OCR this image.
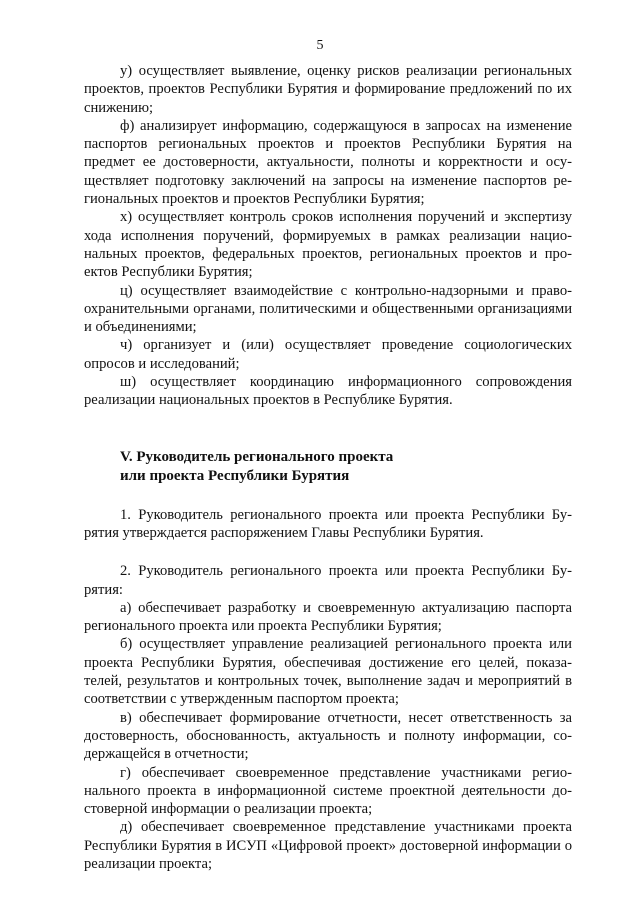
5

у) осуществляет выявление, оценку рисков реализации региональных проектов, проектов Республики Бурятия и формирование предложений по их снижению;

ф) анализирует информацию, содержащуюся в запросах на изменение паспортов региональных проектов и проектов Республики Бурятия на предмет ее достоверности, актуальности, полноты и корректности и осуществляет подготовку заключений на запросы на изменение паспортов региональных проектов и проектов Республики Бурятия;

х) осуществляет контроль сроков исполнения поручений и экспертизу хода исполнения поручений, формируемых в рамках реализации национальных проектов, федеральных проектов, региональных проектов и проектов Республики Бурятия;

ц) осуществляет взаимодействие с контрольно-надзорными и правоохранительными органами, политическими и общественными организациями и объединениями;

ч) организует и (или) осуществляет проведение социологических опросов и исследований;

ш) осуществляет координацию информационного сопровождения реализации национальных проектов в Республике Бурятия.

V. Руководитель регионального проекта

или проекта Республики Бурятия

1. Руководитель регионального проекта или проекта Республики Бурятия утверждается распоряжением Главы Республики Бурятия.

2. Руководитель регионального проекта или проекта Республики Бурятия:

а) обеспечивает разработку и своевременную актуализацию паспорта регионального проекта или проекта Республики Бурятия;

б) осуществляет управление реализацией регионального проекта или проекта Республики Бурятия, обеспечивая достижение его целей, показателей, результатов и контрольных точек, выполнение задач и мероприятий в соответствии с утвержденным паспортом проекта;

в) обеспечивает формирование отчетности, несет ответственность за достоверность, обоснованность, актуальность и полноту информации, содержащейся в отчетности;

г) обеспечивает своевременное представление участниками регионального проекта в информационной системе проектной деятельности достоверной информации о реализации проекта;

д) обеспечивает своевременное представление участниками проекта Республики Бурятия в ИСУП «Цифровой проект» достоверной информации о реализации проекта;
